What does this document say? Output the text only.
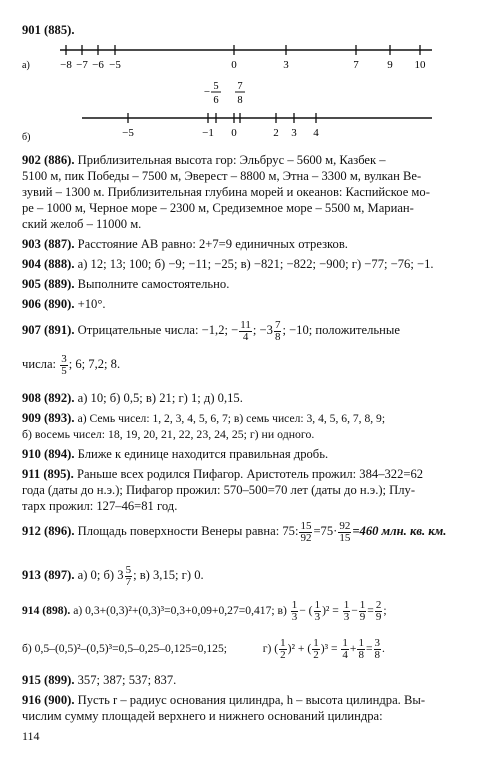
901 (885).
а)	−8 −7 −6 −5	0	3	7	9 10
− 5
6
7
8
б)	−5	−1 0	2 3 4
902 (886). Приблизительная высота гор: Эльбрус – 5600 м, Казбек –
5100 м, пик Победы – 7500 м, Эверест – 8800 м, Этна – 3300 м, вулкан Ве-
зувий – 1300 м. Приблизительная глубина морей и океанов: Каспийское мо-
ре – 1000 м, Черное море – 2300 м, Средиземное море – 5500 м, Мариан-
ский желоб – 11000 м.
903 (887). Расстояние AB равно: 2+7=9 единичных отрезков.
904 (888). а) 12; 13; 100; б) −9; −11; −25; в) −821; −822; −900; г) −77; −76; −1.
905 (889). Выполните самостоятельно.
906 (890). +10°.
907 (891). Отрицательные числа: −1,2; − $\frac{11}{4}$ ; $-3 \frac{7}{8}$ ; −10; положительные
числа: $\frac{3}{5}$ ; 6; 7,2; 8.
908 (892). а) 10; б) 0,5; в) 21; г) 1; д) 0,15.
909 (893). а) Семь чисел: 1, 2, 3, 4, 5, 6, 7; в) семь чисел: 3, 4, 5, 6, 7, 8, 9;
б) восемь чисел: 18, 19, 20, 21, 22, 23, 24, 25; г) ни одного.
910 (894). Ближе к единице находится правильная дробь.
911 (895). Раньше всех родился Пифагор. Аристотель прожил: 384–322=62
года (даты до н.э.); Пифагор прожил: 570–500=70 лет (даты до н.э.); Плу-
тарх прожил: 127–46=81 год.
912 (896). Площадь поверхности Венеры равна: 75: $\frac{15}{92} =75\cdot \frac{92}{15} =460$ млн. кв. км.
913 (897). а) 0; б) $3 \frac{5}{7}$ ; в) 3,15; г) 0.
914 (898). а) 0,3+(0,3)²+(0,3)³=0,3+0,09+0,27=0,417; $в) \frac{1}{3}$ − ( $\frac{1}{3} )^2 = \frac{1}{3} - \frac{1}{9} = \frac{2}{9}$ ;
б) 0,5–(0,5)²–(0,5)³=0,5–0,25–0,125=0,125;	г) ( $\frac{1}{2} )^2$ + ( $\frac{1}{2} )^3 = \frac{1}{4} + \frac{1}{8} = \frac{3}{8}$ .
915 (899). 357; 387; 537; 837.
916 (900). Пусть r – радиус основания цилиндра, h – высота цилиндра. Вы-
числим сумму площадей верхнего и нижнего оснований цилиндра:
114
